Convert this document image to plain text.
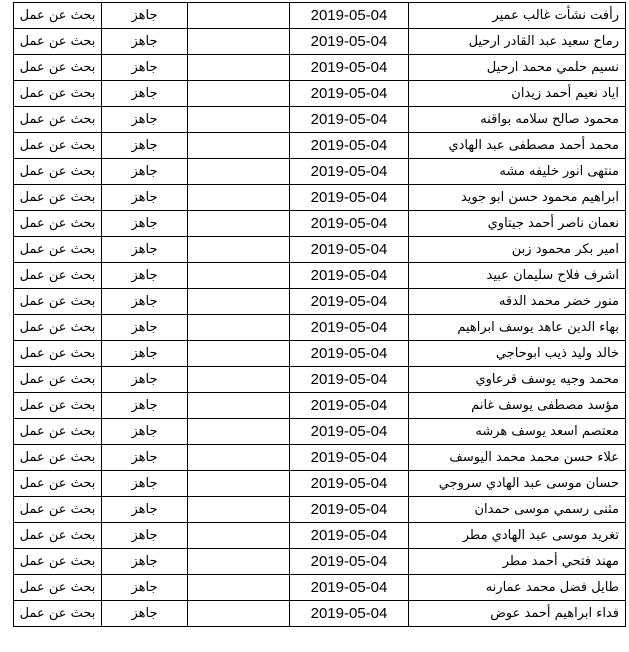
بحث عن عمل	جاهز		2019-05-04	رأفت نشأت غالب عمير
بحث عن عمل	جاهز		2019-05-04	رماح سعيد عبد القادر ارحيل
بحث عن عمل	جاهز		2019-05-04	نسيم حلمي محمد ارحيل
بحث عن عمل	جاهز		2019-05-04	اياد نعيم أحمد زيدان
بحث عن عمل	جاهز		2019-05-04	محمود صالح سلامه بواقنه
بحث عن عمل	جاهز		2019-05-04	محمد أحمد مصطفى عبد الهادي
بحث عن عمل	جاهز		2019-05-04	منتهى انور خليفه مشه
بحث عن عمل	جاهز		2019-05-04	ابراهيم محمود حسن ابو جويد
بحث عن عمل	جاهز		2019-05-04	نعمان ناصر أحمد جيتاوي
بحث عن عمل	جاهز		2019-05-04	امير بكر محمود زبن
بحث عن عمل	جاهز		2019-05-04	اشرف فلاح سليمان عبيد
بحث عن عمل	جاهز		2019-05-04	منور خضر محمد الدقه
بحث عن عمل	جاهز		2019-05-04	بهاء الدين عاهد يوسف ابراهيم
بحث عن عمل	جاهز		2019-05-04	خالد وليد ذيب ابوحاجي
بحث عن عمل	جاهز		2019-05-04	محمد وجيه يوسف قرعاوي
بحث عن عمل	جاهز		2019-05-04	مؤسد مصطفى يوسف غانم
بحث عن عمل	جاهز		2019-05-04	معتصم اسعد يوسف هرشه
بحث عن عمل	جاهز		2019-05-04	علاء حسن محمد محمد اليوسف
بحث عن عمل	جاهز		2019-05-04	حسان موسى عبد الهادي سروجي
بحث عن عمل	جاهز		2019-05-04	مثنى رسمي موسى حمدان
بحث عن عمل	جاهز		2019-05-04	تغريد موسى عبد الهادي مطر
بحث عن عمل	جاهز		2019-05-04	مهند فتحي أحمد مطر
بحث عن عمل	جاهز		2019-05-04	طايل فضل محمد عمارنه
بحث عن عمل	جاهز		2019-05-04	فداء ابراهيم أحمد عوض
